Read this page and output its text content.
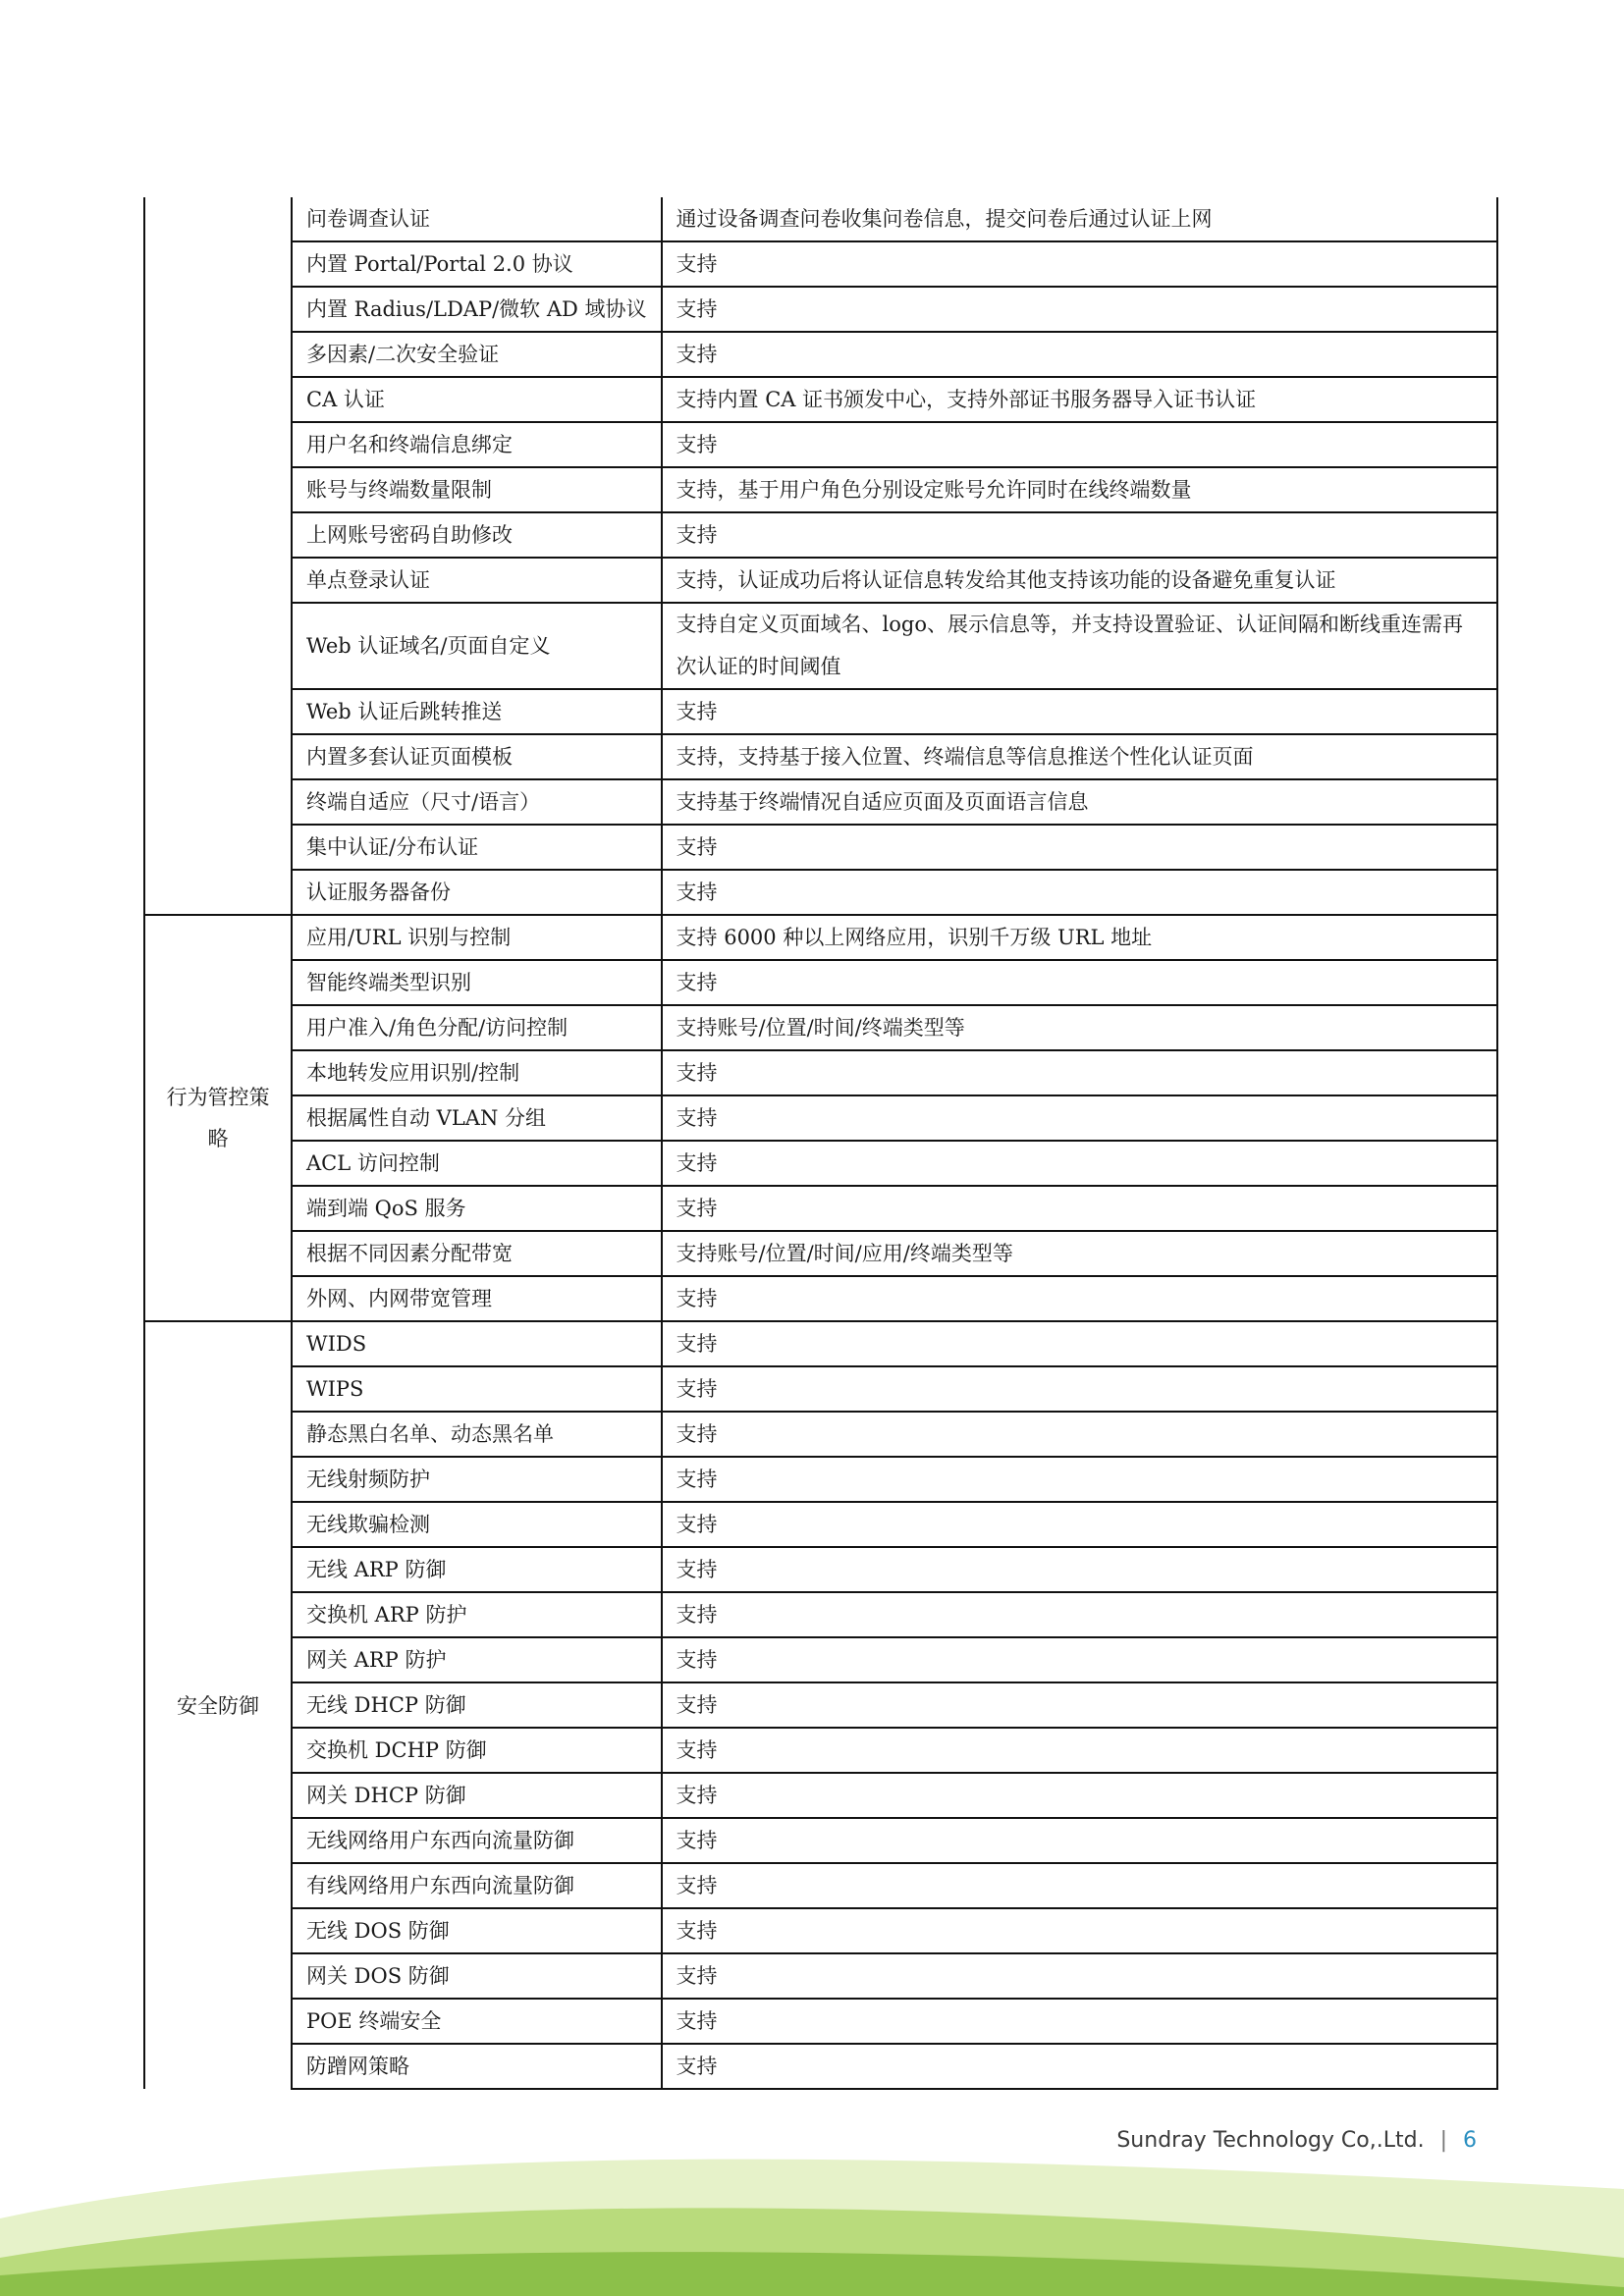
	问卷调查认证	通过设备调查问卷收集问卷信息，提交问卷后通过认证上网
	内置 Portal/Portal 2.0 协议	支持
	内置 Radius/LDAP/微软 AD 域协议	支持
	多因素/二次安全验证	支持
	CA 认证	支持内置 CA 证书颁发中心，支持外部证书服务器导入证书认证
	用户名和终端信息绑定	支持
	账号与终端数量限制	支持，基于用户角色分别设定账号允许同时在线终端数量
	上网账号密码自助修改	支持
	单点登录认证	支持，认证成功后将认证信息转发给其他支持该功能的设备避免重复认证
	Web 认证域名/页面自定义	支持自定义页面域名、logo、展示信息等，并支持设置验证、认证间隔和断线重连需再次认证的时间阈值
	Web 认证后跳转推送	支持
	内置多套认证页面模板	支持，支持基于接入位置、终端信息等信息推送个性化认证页面
	终端自适应（尺寸/语言）	支持基于终端情况自适应页面及页面语言信息
	集中认证/分布认证	支持
	认证服务器备份	支持
行为管控策略	应用/URL 识别与控制	支持 6000 种以上网络应用，识别千万级 URL 地址
	智能终端类型识别	支持
	用户准入/角色分配/访问控制	支持账号/位置/时间/终端类型等
	本地转发应用识别/控制	支持
	根据属性自动 VLAN 分组	支持
	ACL 访问控制	支持
	端到端 QoS 服务	支持
	根据不同因素分配带宽	支持账号/位置/时间/应用/终端类型等
	外网、内网带宽管理	支持
安全防御	WIDS	支持
	WIPS	支持
	静态黑白名单、动态黑名单	支持
	无线射频防护	支持
	无线欺骗检测	支持
	无线 ARP 防御	支持
	交换机 ARP 防护	支持
	网关 ARP 防护	支持
	无线 DHCP 防御	支持
	交换机 DCHP 防御	支持
	网关 DHCP 防御	支持
	无线网络用户东西向流量防御	支持
	有线网络用户东西向流量防御	支持
	无线 DOS 防御	支持
	网关 DOS 防御	支持
	POE 终端安全	支持
	防蹭网策略	支持
Sundray Technology Co,.Ltd. | 6
